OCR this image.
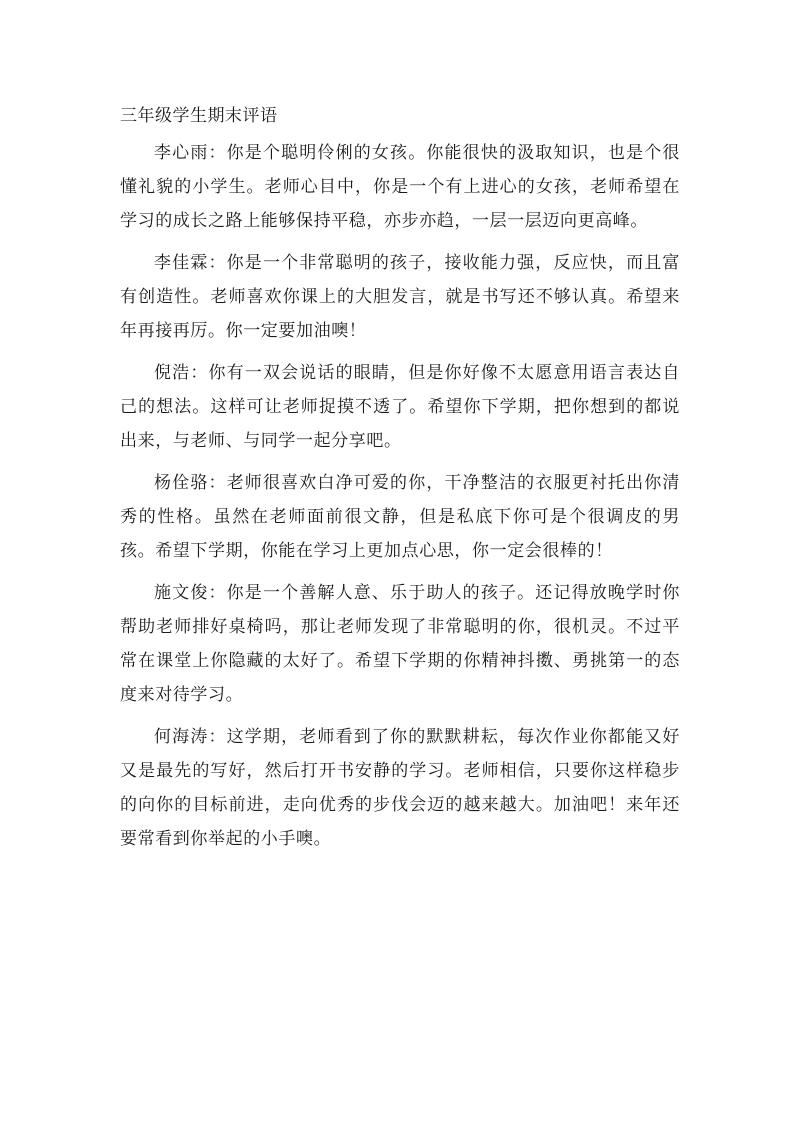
三年级学生期末评语

李心雨：你是个聪明伶俐的女孩。你能很快的汲取知识，也是个很懂礼貌的小学生。老师心目中，你是一个有上进心的女孩，老师希望在学习的成长之路上能够保持平稳，亦步亦趋，一层一层迈向更高峰。

李佳霖：你是一个非常聪明的孩子，接收能力强，反应快，而且富有创造性。老师喜欢你课上的大胆发言，就是书写还不够认真。希望来年再接再厉。你一定要加油噢！

倪浩：你有一双会说话的眼睛，但是你好像不太愿意用语言表达自己的想法。这样可让老师捉摸不透了。希望你下学期，把你想到的都说出来，与老师、与同学一起分享吧。

杨佺骆：老师很喜欢白净可爱的你，干净整洁的衣服更衬托出你清秀的性格。虽然在老师面前很文静，但是私底下你可是个很调皮的男孩。希望下学期，你能在学习上更加点心思，你一定会很棒的！

施文俊：你是一个善解人意、乐于助人的孩子。还记得放晚学时你帮助老师排好桌椅吗，那让老师发现了非常聪明的你，很机灵。不过平常在课堂上你隐藏的太好了。希望下学期的你精神抖擞、勇挑第一的态度来对待学习。

何海涛：这学期，老师看到了你的默默耕耘，每次作业你都能又好又是最先的写好，然后打开书安静的学习。老师相信，只要你这样稳步的向你的目标前进，走向优秀的步伐会迈的越来越大。加油吧！来年还要常看到你举起的小手噢。
